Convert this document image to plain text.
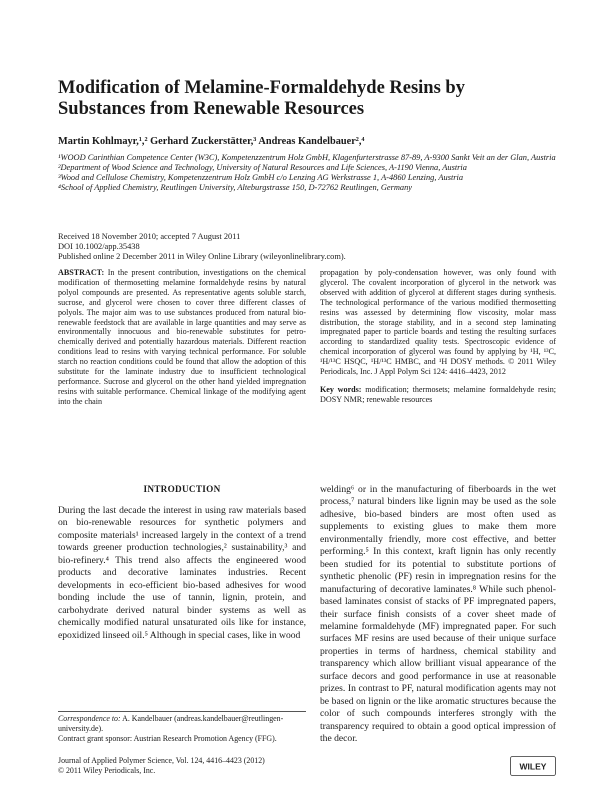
Modification of Melamine-Formaldehyde Resins by Substances from Renewable Resources
Martin Kohlmayr,¹,² Gerhard Zuckerstätter,³ Andreas Kandelbauer²,⁴

¹WOOD Carinthian Competence Center (W3C), Kompetenzzentrum Holz GmbH, Klagenfurterstrasse 87-89, A-9300 Sankt Veit an der Glan, Austria

²Department of Wood Science and Technology, University of Natural Resources and Life Sciences, A-1190 Vienna, Austria

³Wood and Cellulose Chemistry, Kompetenzzentrum Holz GmbH c/o Lenzing AG Werkstrasse 1, A-4860 Lenzing, Austria

⁴School of Applied Chemistry, Reutlingen University, Alteburgstrasse 150, D-72762 Reutlingen, Germany

Received 18 November 2010; accepted 7 August 2011

DOI 10.1002/app.35438

Published online 2 December 2011 in Wiley Online Library (wileyonlinelibrary.com).

ABSTRACT: In the present contribution, investigations on the chemical modification of thermosetting melamine formaldehyde resins by natural polyol compounds are presented. As representative agents soluble starch, sucrose, and glycerol were chosen to cover three different classes of polyols. The major aim was to use substances produced from natural bio-renewable feedstock that are available in large quantities and may serve as environmentally innocuous and bio-renewable substitutes for petro-chemically derived and potentially hazardous materials. Different reaction conditions lead to resins with varying technical performance. For soluble starch no reaction conditions could be found that allow the adoption of this substitute for the laminate industry due to insufficient technological performance. Sucrose and glycerol on the other hand yielded impregnation resins with suitable performance. Chemical linkage of the modifying agent into the chain

propagation by poly-condensation however, was only found with glycerol. The covalent incorporation of glycerol in the network was observed with addition of glycerol at different stages during synthesis. The technological performance of the various modified thermosetting resins was assessed by determining flow viscosity, molar mass distribution, the storage stability, and in a second step laminating impregnated paper to particle boards and testing the resulting surfaces according to standardized quality tests. Spectroscopic evidence of chemical incorporation of glycerol was found by applying by ¹H, ¹³C, ¹H/¹³C HSQC, ¹H/¹³C HMBC, and ¹H DOSY methods. © 2011 Wiley Periodicals, Inc. J Appl Polym Sci 124: 4416–4423, 2012

Key words: modification; thermosets; melamine formaldehyde resin; DOSY NMR; renewable resources

INTRODUCTION

During the last decade the interest in using raw materials based on bio-renewable resources for synthetic polymers and composite materials¹ increased largely in the context of a trend towards greener production technologies,² sustainability,³ and bio-refinery.⁴ This trend also affects the engineered wood products and decorative laminates industries. Recent developments in eco-efficient bio-based adhesives for wood bonding include the use of tannin, lignin, protein, and carbohydrate derived natural binder systems as well as chemically modified natural unsaturated oils like for instance, epoxidized linseed oil.⁵ Although in special cases, like in wood

welding⁶ or in the manufacturing of fiberboards in the wet process,⁷ natural binders like lignin may be used as the sole adhesive, bio-based binders are most often used as supplements to existing glues to make them more environmentally friendly, more cost effective, and better performing.⁵ In this context, kraft lignin has only recently been studied for its potential to substitute portions of synthetic phenolic (PF) resin in impregnation resins for the manufacturing of decorative laminates.⁸ While such phenol-based laminates consist of stacks of PF impregnated papers, their surface finish consists of a cover sheet made of melamine formaldehyde (MF) impregnated paper. For such surfaces MF resins are used because of their unique surface properties in terms of hardness, chemical stability and transparency which allow brilliant visual appearance of the surface decors and good performance in use at reasonable prizes. In contrast to PF, natural modification agents may not be based on lignin or the like aromatic structures because the color of such compounds interferes strongly with the transparency required to obtain a good optical impression of the decor.

Correspondence to: A. Kandelbauer (andreas.kandelbauer@reutlingen-university.de).

Contract grant sponsor: Austrian Research Promotion Agency (FFG).

Journal of Applied Polymer Science, Vol. 124, 4416–4423 (2012)

© 2011 Wiley Periodicals, Inc.	WILEY
